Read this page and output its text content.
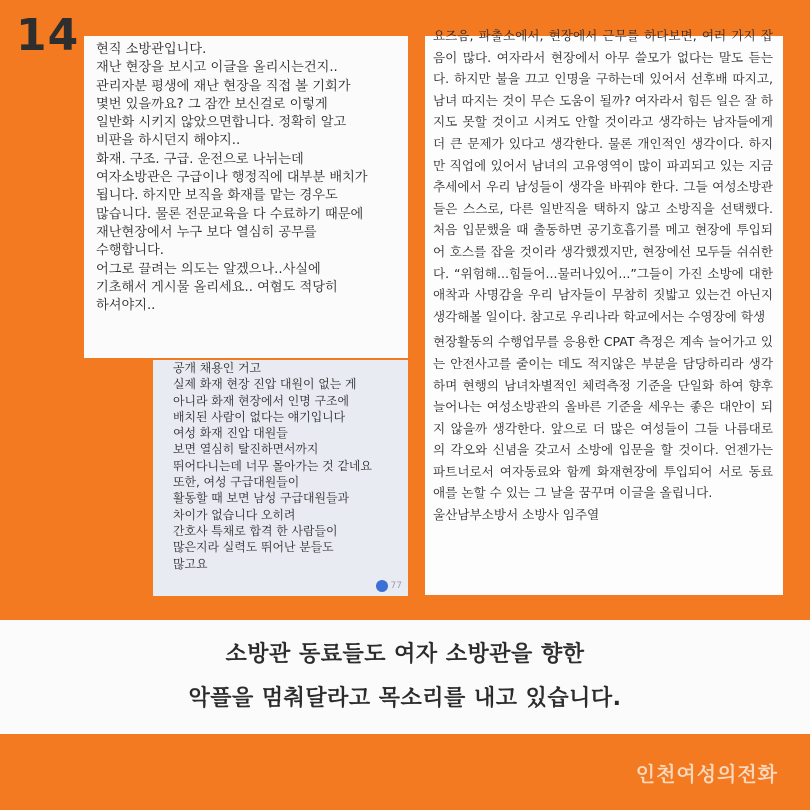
14 현직 소방관입니다.
재난 현장을 보시고 이글을 올리시는건지..
관리자분 평생에 재난 현장을 직접 볼 기회가
몇번 있을까요? 그 잠깐 보신걸로 이렇게
일반화 시키지 않았으면합니다. 정확히 알고
비판을 하시던지 해야지..
화재. 구조. 구급. 운전으로 나뉘는데
여자소방관은 구급이나 행정직에 대부분 배치가
됩니다. 하지만 보직을 화재를 맡는 경우도
많습니다. 물론 전문교육을 다 수료하기 때문에
재난현장에서 누구 보다 열심히 공무를
수행합니다.
어그로 끌려는 의도는 알겠으나..사실에
기초해서 게시물 올리세요.. 여혐도 적당히
하셔야지..
공개 채용인 거고
실제 화재 현장 진압 대원이 없는 게
아니라 화재 현장에서 인명 구조에
배치된 사람이 없다는 얘기입니다
여성 화재 진압 대원들
보면 열심히 탈진하면서까지
뛰어다니는데 너무 몰아가는 것 같네요
또한, 여성 구급대원들이
활동할 때 보면 남성 구급대원들과
차이가 없습니다 오히려
간호사 특채로 합격 한 사람들이
많은지라 실력도 뛰어난 분들도
많고요
77

요즈음, 파출소에서, 현장에서 근무를 하다보면, 여러 가지 잡음이 많다. 여자라서 현장에서 아무 쓸모가 없다는 말도 듣는다. 하지만 불을 끄고 인명을 구하는데 있어서 선후배 따지고, 남녀 따지는 것이 무슨 도움이 될까? 여자라서 힘든 일은 잘 하지도 못할 것이고 시켜도 안할 것이라고 생각하는 남자들에게 더 큰 문제가 있다고 생각한다. 물론 개인적인 생각이다. 하지만 직업에 있어서 남녀의 고유영역이 많이 파괴되고 있는 지금추세에서 우리 남성들이 생각을 바꿔야 한다. 그들 여성소방관들은 스스로, 다른 일반직을 택하지 않고 소방직을 선택했다. 처음 입문했을 때 출동하면 공기호흡기를 메고 현장에 투입되어 호스를 잡을 것이라 생각했겠지만, 현장에선 모두들 쉬쉬한다. “위험해...힘들어...물러나있어...”그들이 가진 소방에 대한 애착과 사명감을 우리 남자들이 무참히 짓밟고 있는건 아닌지 생각해볼 일이다. 참고로 우리나라 학교에서는 수영장에 학생

현장활동의 수행업무를 응용한 CPAT 측정은 계속 늘어가고 있는 안전사고를 줄이는 데도 적지않은 부분을 담당하리라 생각하며 현행의 남녀차별적인 체력측정 기준을 단일화 하여 향후 늘어나는 여성소방관의 올바른 기준을 세우는 좋은 대안이 되지 않을까 생각한다. 앞으로 더 많은 여성들이 그들 나름대로의 각오와 신념을 갖고서 소방에 입문을 할 것이다. 언젠가는 파트너로서 여자동료와 함께 화재현장에 투입되어 서로 동료애를 논할 수 있는 그 날을 꿈꾸며 이글을 올립니다.

울산남부소방서 소방사 임주열
소방관 동료들도 여자 소방관을 향한
악플을 멈춰달라고 목소리를 내고 있습니다.
인천여성의전화
